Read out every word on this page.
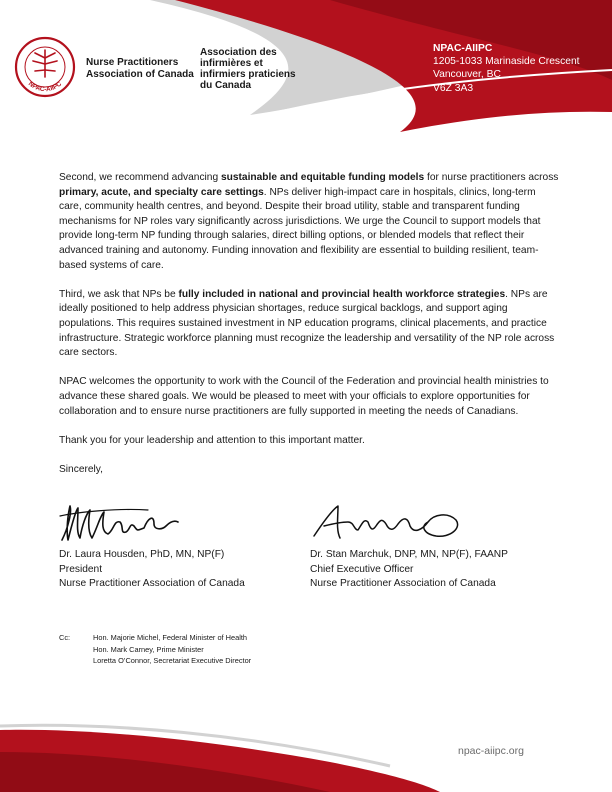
NPAC-AIIPC
Nurse Practitioners
Association of Canada
Association des
infirmières et
infirmiers praticiens
du Canada
NPAC-AIIPC
1205-1033 Marinaside Crescent
Vancouver, BC
V6Z 3A3

Second, we recommend advancing sustainable and equitable funding models for nurse practitioners across primary, acute, and specialty care settings. NPs deliver high-impact care in hospitals, clinics, long-term care, community health centres, and beyond. Despite their broad utility, stable and transparent funding mechanisms for NP roles vary significantly across jurisdictions. We urge the Council to support models that provide long-term NP funding through salaries, direct billing options, or blended models that reflect their advanced training and autonomy. Funding innovation and flexibility are essential to building resilient, team-based systems of care.

Third, we ask that NPs be fully included in national and provincial health workforce strategies. NPs are ideally positioned to help address physician shortages, reduce surgical backlogs, and support aging populations. This requires sustained investment in NP education programs, clinical placements, and practice infrastructure. Strategic workforce planning must recognize the leadership and versatility of the NP role across care sectors.

NPAC welcomes the opportunity to work with the Council of the Federation and provincial health ministries to advance these shared goals. We would be pleased to meet with your officials to explore opportunities for collaboration and to ensure nurse practitioners are fully supported in meeting the needs of Canadians.

Thank you for your leadership and attention to this important matter.

Sincerely,

Dr. Laura Housden, PhD, MN, NP(F)
President
Nurse Practitioner Association of Canada
Dr. Stan Marchuk, DNP, MN, NP(F), FAANP
Chief Executive Officer
Nurse Practitioner Association of Canada
Cc:	Hon. Majorie Michel, Federal Minister of Health
Hon. Mark Carney, Prime Minister
Loretta O’Connor, Secretariat Executive Director
npac-aiipc.org
